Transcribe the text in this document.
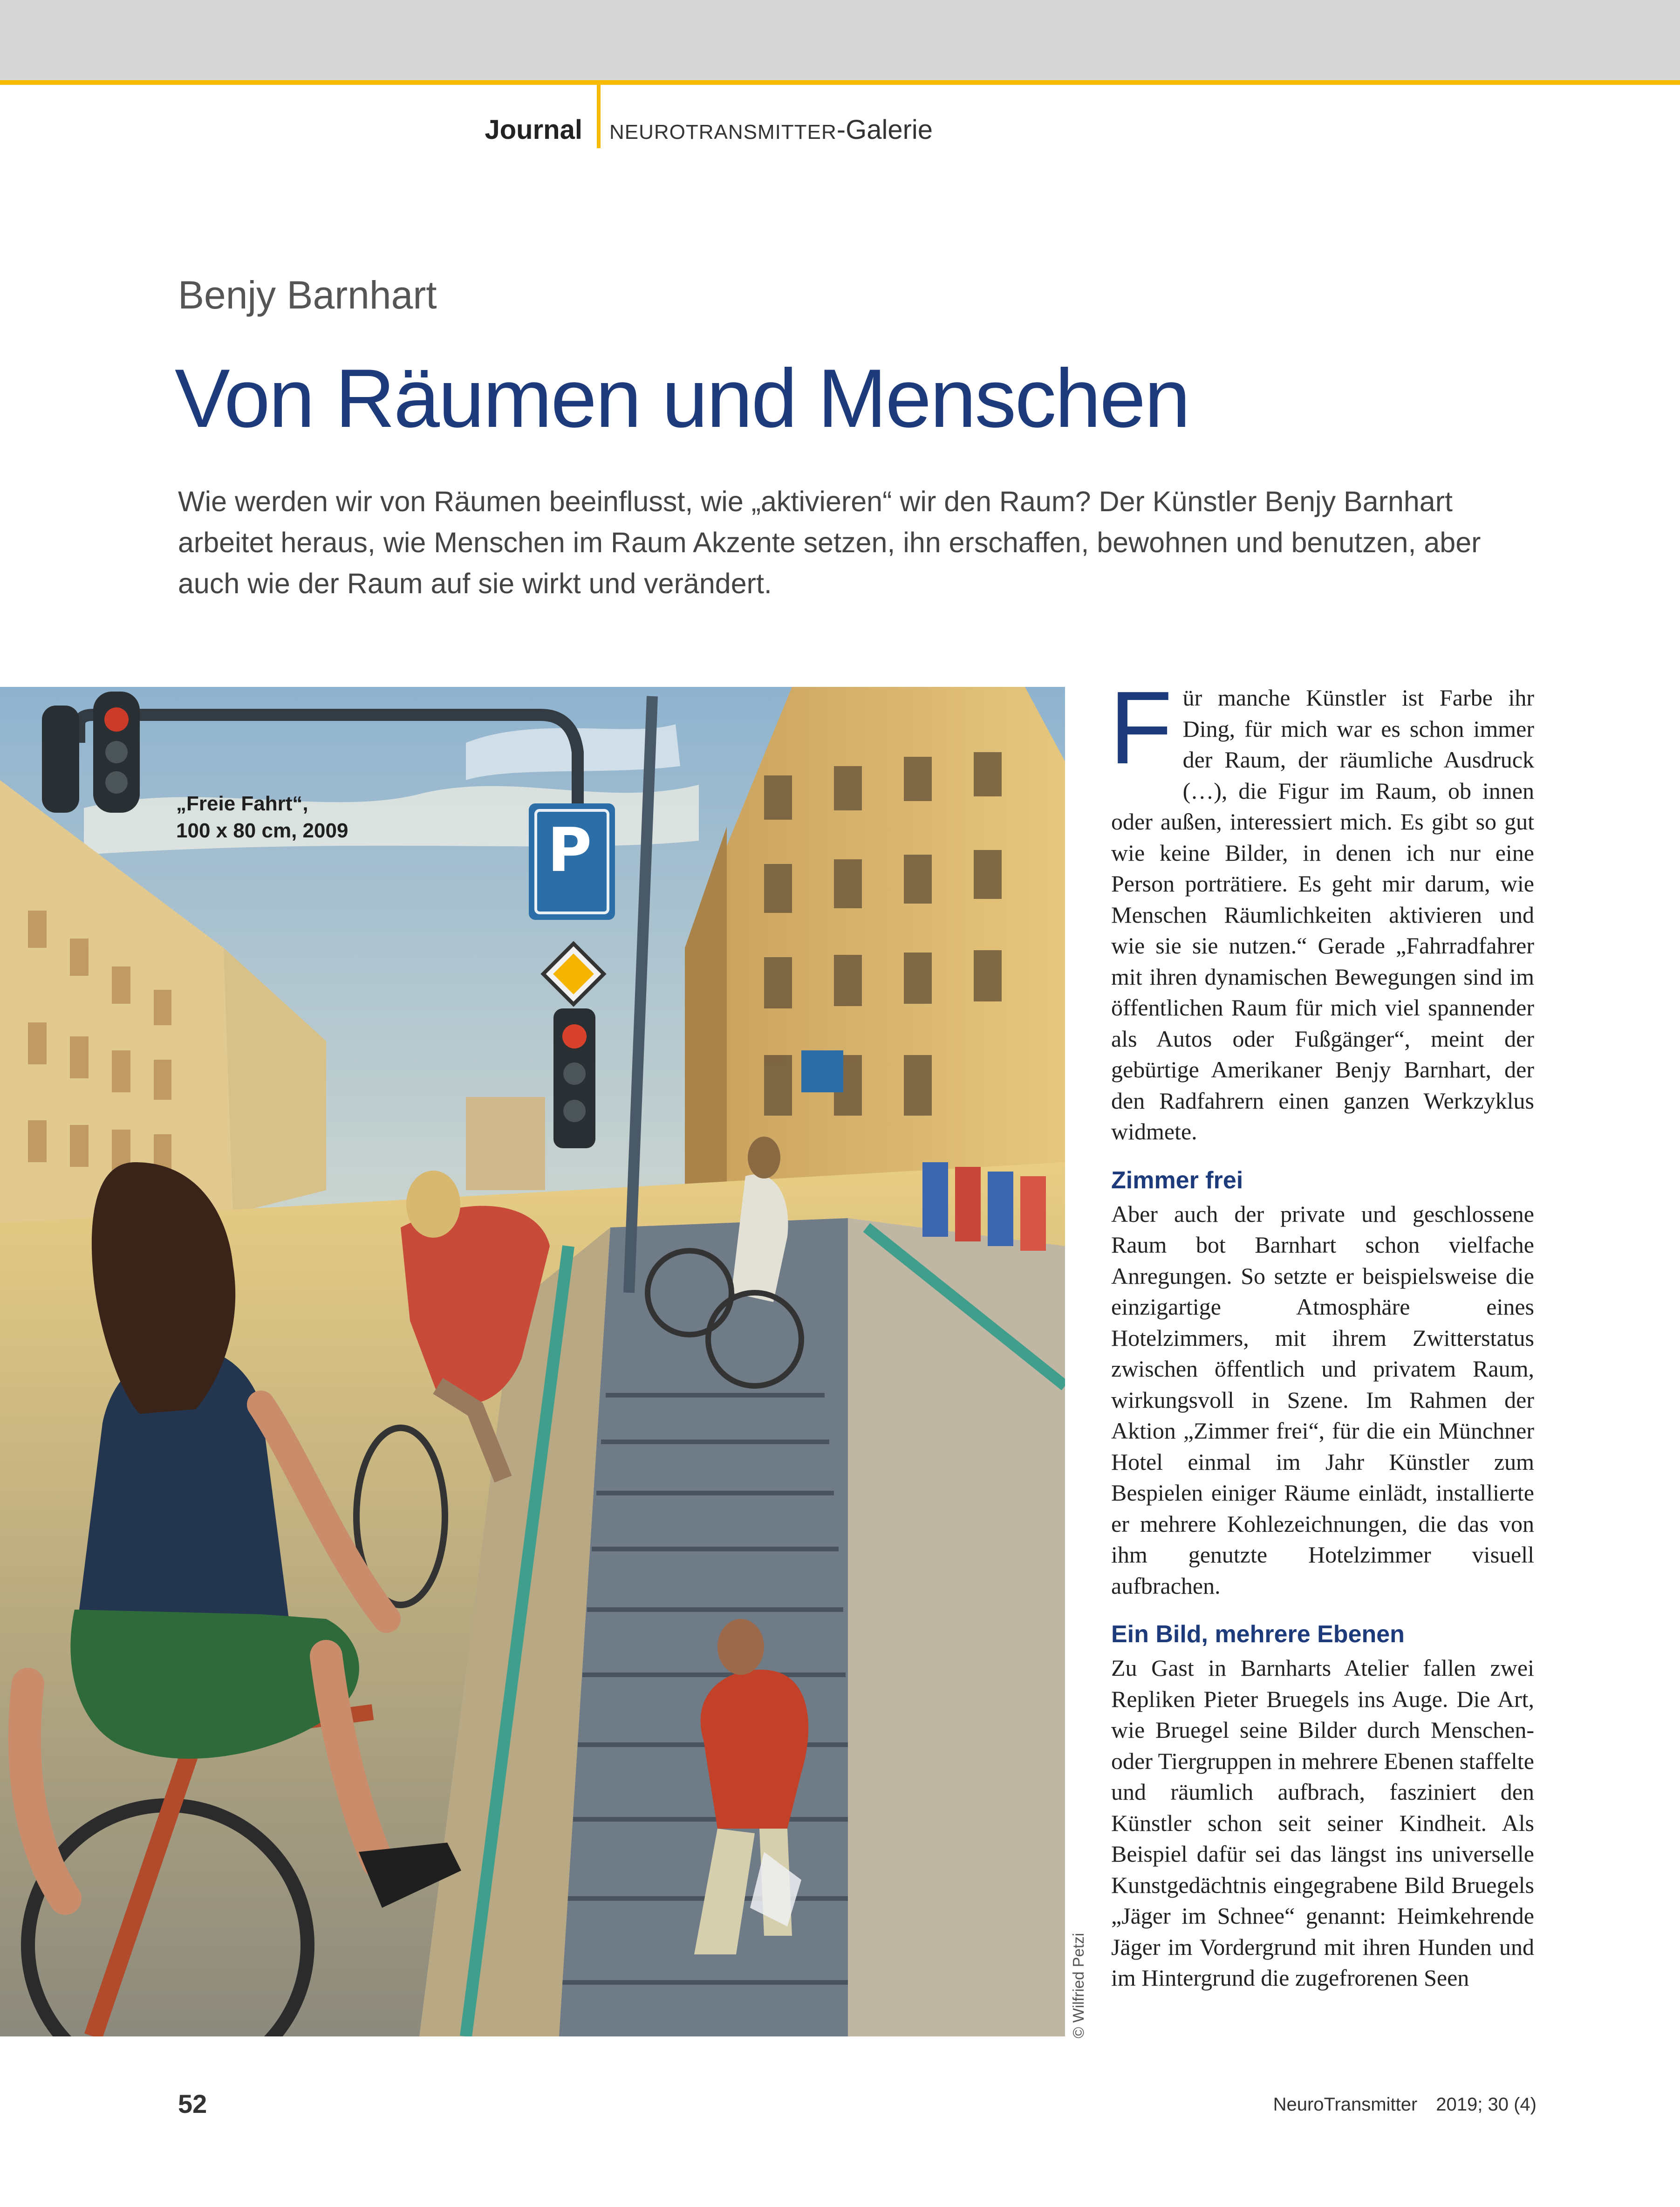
Journal NEUROTRANSMITTER-Galerie
Benjy Barnhart
Von Räumen und Menschen
Wie werden wir von Räumen beeinflusst, wie „aktivieren“ wir den Raum? Der Künstler Benjy Barnhart arbeitet heraus, wie Menschen im Raum Akzente setzen, ihn erschaffen, bewohnen und benutzen, aber auch wie der Raum auf sie wirkt und verändert.
P
„Freie Fahrt“,
100 x 80 cm, 2009
© Wilfried Petzi
F ür manche Künstler ist Farbe ihr Ding, für mich war es schon immer der Raum, der räumliche Ausdruck (…), die Figur im Raum, ob innen oder außen, interessiert mich. Es gibt so gut wie keine Bilder, in denen ich nur eine Person porträtiere. Es geht mir darum, wie Menschen Räumlichkeiten aktivieren und wie sie sie nutzen.“ Gerade „Fahrradfahrer mit ihren dynamischen Bewegungen sind im öffentlichen Raum für mich viel spannender als Autos oder Fußgänger“, meint der gebürtige Amerikaner Benjy Barnhart, der den Radfahrern einen ganzen Werkzyklus widmete.

Zimmer frei

Aber auch der private und geschlossene Raum bot Barnhart schon vielfache Anregungen. So setzte er beispielsweise die einzigartige Atmosphäre eines Hotelzimmers, mit ihrem Zwitterstatus zwischen öffentlich und privatem Raum, wirkungsvoll in Szene. Im Rahmen der Aktion „Zimmer frei“, für die ein Münchner Hotel einmal im Jahr Künstler zum Bespielen einiger Räume einlädt, installierte er mehrere Kohlezeichnungen, die das von ihm genutzte Hotelzimmer visuell aufbrachen.

Ein Bild, mehrere Ebenen

Zu Gast in Barnharts Atelier fallen zwei Repliken Pieter Bruegels ins Auge. Die Art, wie Bruegel seine Bilder durch Menschen- oder Tiergruppen in mehrere Ebenen staffelte und räumlich aufbrach, fasziniert den Künstler schon seit seiner Kindheit. Als Beispiel dafür sei das längst ins universelle Kunstgedächtnis eingegrabene Bild Bruegels „Jäger im Schnee“ genannt: Heimkehrende Jäger im Vordergrund mit ihren Hunden und im Hintergrund die zugefrorenen Seen

52	NeuroTransmitter 2019; 30 (4)
